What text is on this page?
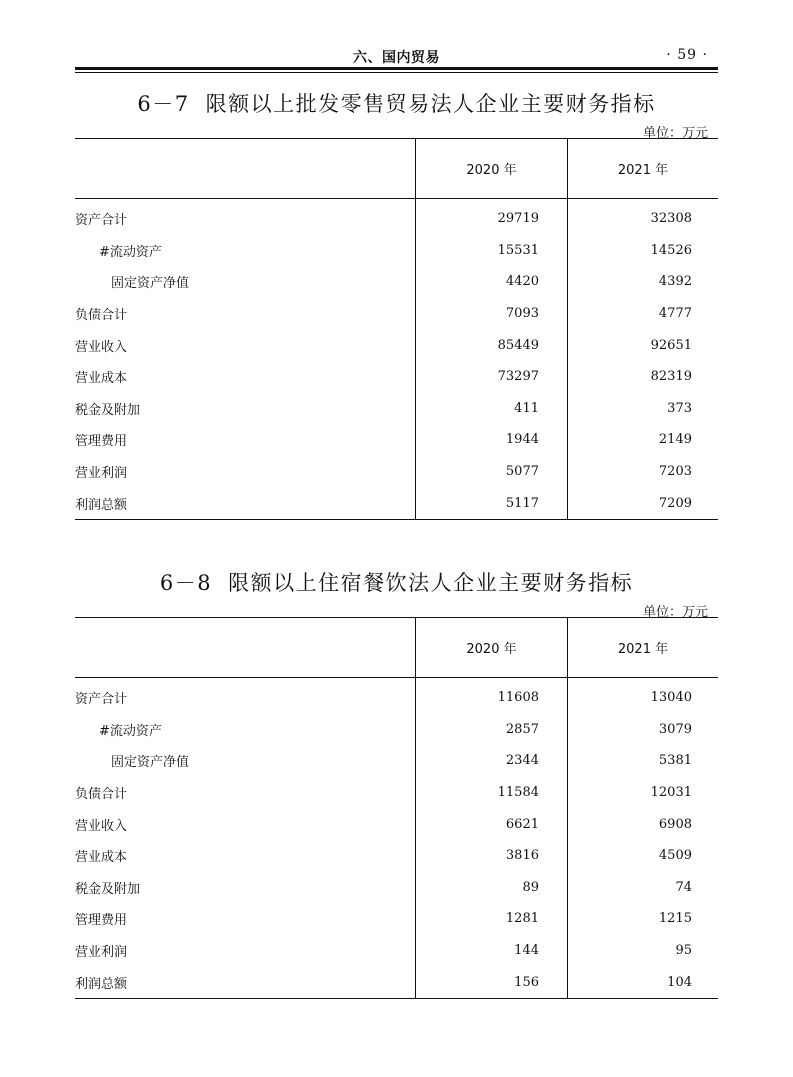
六、国内贸易	· 59 ·
6－7 限额以上批发零售贸易法人企业主要财务指标
单位：万元
	2020 年	2021 年
资产合计	29719	32308
#流动资产	15531	14526
固定资产净值	4420	4392
负债合计	7093	4777
营业收入	85449	92651
营业成本	73297	82319
税金及附加	411	373
管理费用	1944	2149
营业利润	5077	7203
利润总额	5117	7209
6－8 限额以上住宿餐饮法人企业主要财务指标
单位：万元
	2020 年	2021 年
资产合计	11608	13040
#流动资产	2857	3079
固定资产净值	2344	5381
负债合计	11584	12031
营业收入	6621	6908
营业成本	3816	4509
税金及附加	89	74
管理费用	1281	1215
营业利润	144	95
利润总额	156	104
